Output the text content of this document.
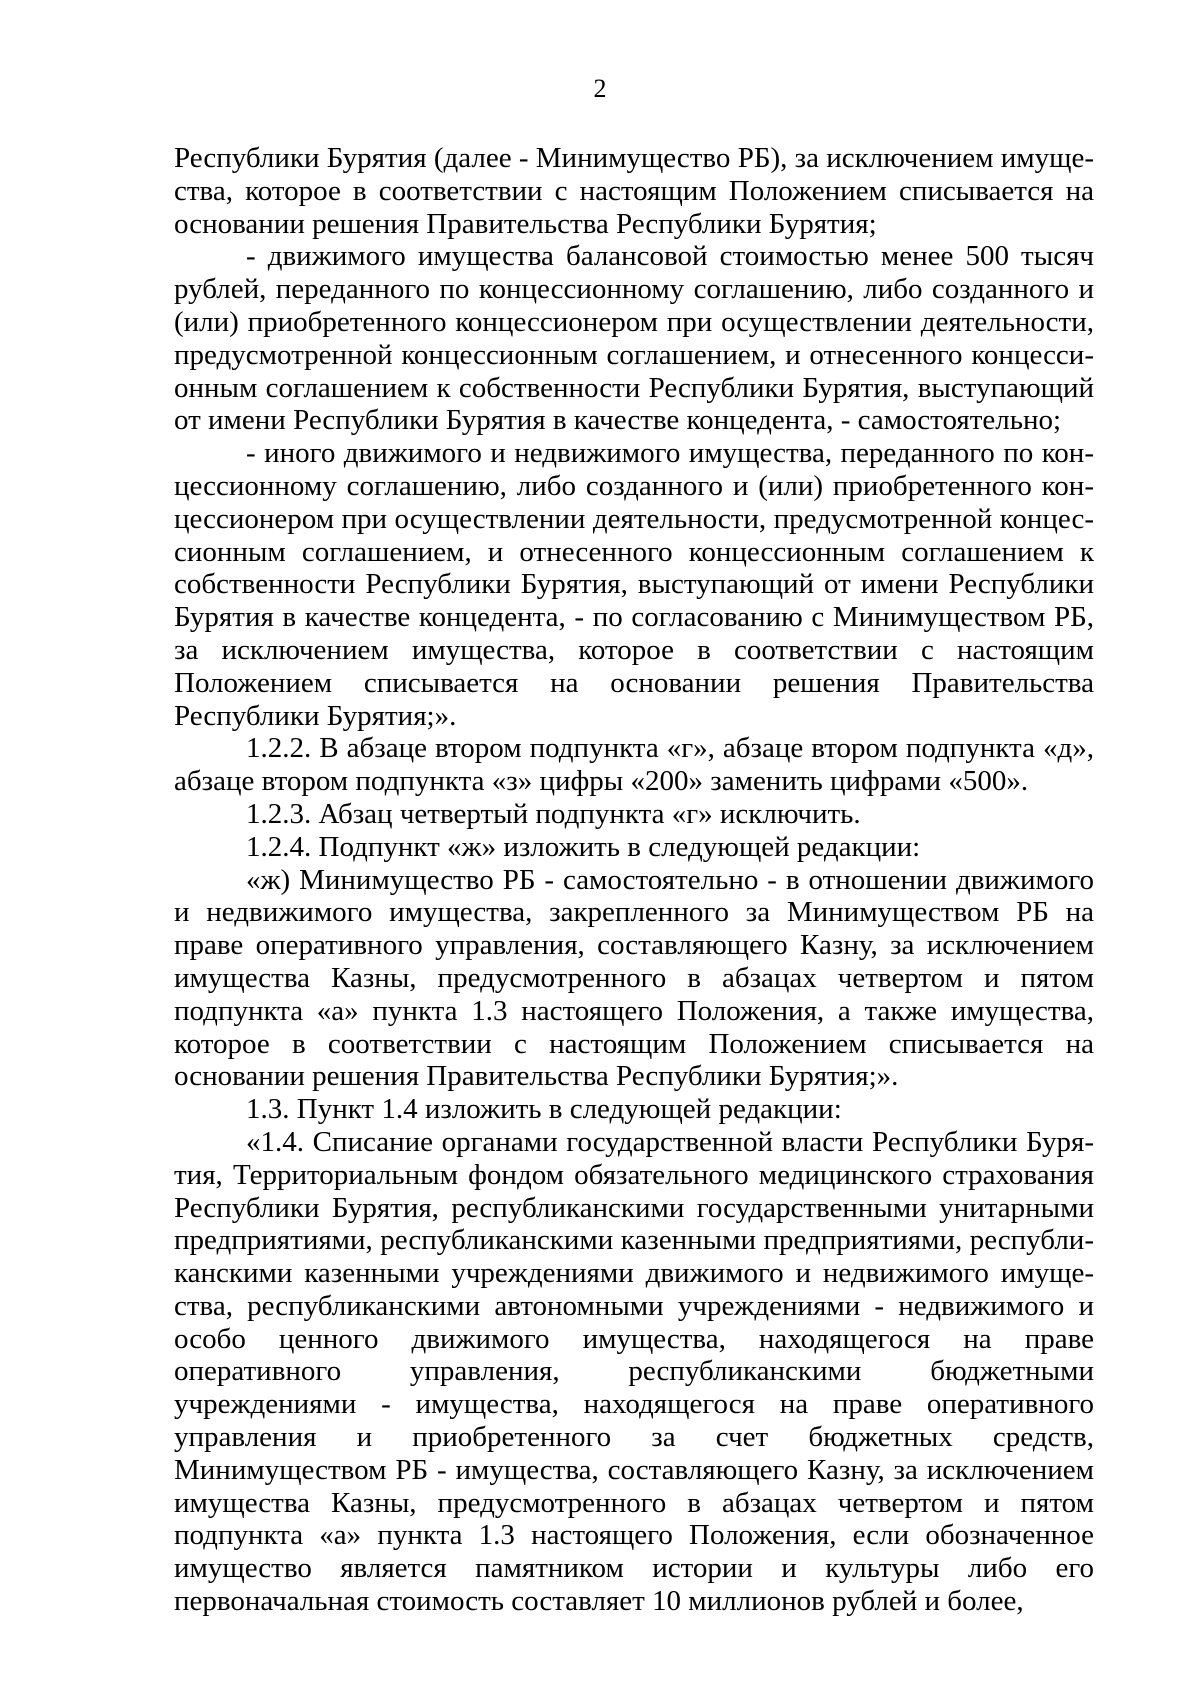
2

Республики Бурятия (далее - Минимущество РБ), за исключением имущества, которое в соответствии с настоящим Положением списывается на основании решения Правительства Республики Бурятия;

- движимого имущества балансовой стоимостью менее 500 тысяч рублей, переданного по концессионному соглашению, либо созданного и (или) приобретенного концессионером при осуществлении деятельности, предусмотренной концессионным соглашением, и отнесенного концессионным соглашением к собственности Республики Бурятия, выступающий от имени Республики Бурятия в качестве концедента, - самостоятельно;

- иного движимого и недвижимого имущества, переданного по концессионному соглашению, либо созданного и (или) приобретенного концессионером при осуществлении деятельности, предусмотренной концессионным соглашением, и отнесенного концессионным соглашением к собственности Республики Бурятия, выступающий от имени Республики Бурятия в качестве концедента, - по согласованию с Минимуществом РБ, за исключением имущества, которое в соответствии с настоящим Положением списывается на основании решения Правительства Республики Бурятия;».

1.2.2. В абзаце втором подпункта «г», абзаце втором подпункта «д», абзаце втором подпункта «з» цифры «200» заменить цифрами «500».

1.2.3. Абзац четвертый подпункта «г» исключить.

1.2.4. Подпункт «ж» изложить в следующей редакции:

«ж) Минимущество РБ - самостоятельно - в отношении движимого и недвижимого имущества, закрепленного за Минимуществом РБ на праве оперативного управления, составляющего Казну, за исключением имущества Казны, предусмотренного в абзацах четвертом и пятом подпункта «а» пункта 1.3 настоящего Положения, а также имущества, которое в соответствии с настоящим Положением списывается на основании решения Правительства Республики Бурятия;».

1.3. Пункт 1.4 изложить в следующей редакции:

«1.4. Списание органами государственной власти Республики Бурятия, Территориальным фондом обязательного медицинского страхования Республики Бурятия, республиканскими государственными унитарными предприятиями, республиканскими казенными предприятиями, республиканскими казенными учреждениями движимого и недвижимого имущества, республиканскими автономными учреждениями - недвижимого и особо ценного движимого имущества, находящегося на праве оперативного управления, республиканскими бюджетными учреждениями - имущества, находящегося на праве оперативного управления и приобретенного за счет бюджетных средств, Минимуществом РБ - имущества, составляющего Казну, за исключением имущества Казны, предусмотренного в абзацах четвертом и пятом подпункта «а» пункта 1.3 настоящего Положения, если обозначенное имущество является памятником истории и культуры либо его первоначальная стоимость составляет 10 миллионов рублей и более,
